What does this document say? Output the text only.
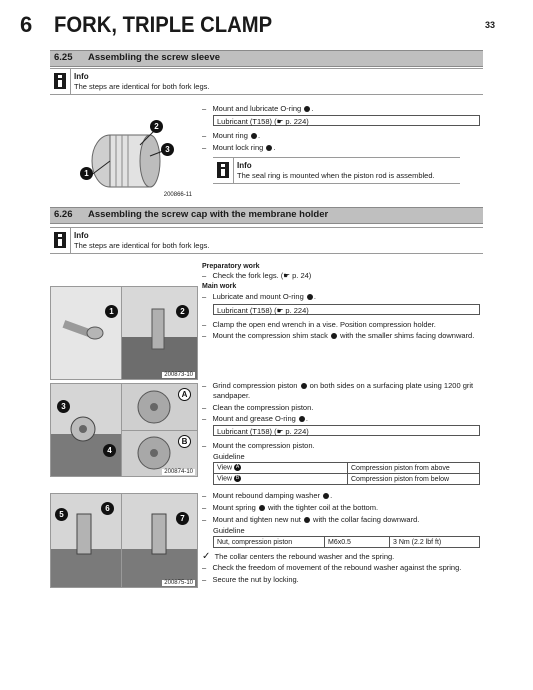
6 FORK, TRIPLE CLAMP	33
6.25 Assembling the screw sleeve
Info
The steps are identical for both fork legs.
1
2
3
200866-11
–   Mount and lubricate O-ring .
Lubricant (T158) (☛ p. 224)
–   Mount ring .
–   Mount lock ring .
Info
The seal ring is mounted when the piston rod is assembled.
6.26 Assembling the screw cap with the membrane holder
Info
The steps are identical for both fork legs.
Preparatory work
–   Check the fork legs. (☛ p. 24)
Main work
–   Lubricate and mount O-ring .
Lubricant (T158) (☛ p. 224)
–   Clamp the open end wrench in a vise. Position compression holder.
–   Mount the compression shim stack with the smaller shims facing downward.
1	2
200873-10
3
4
A
B
200874-10
–   Grind compression piston on both sides on a surfacing plate using 1200 grit
sandpaper.
–   Clean the compression piston.
–   Mount and grease O-ring .
Lubricant (T158) (☛ p. 224)
–   Mount the compression piston.
Guideline
View A	Compression piston from above
View B	Compression piston from below
5
6
7
200875-10
–   Mount rebound damping washer .
–   Mount spring with the tighter coil at the bottom.
–   Mount and tighten new nut with the collar facing downward.
Guideline
Nut, compression piston	M6x0.5	3 Nm (2.2 lbf ft)
✓ The collar centers the rebound washer and the spring.
–   Check the freedom of movement of the rebound washer against the spring.
–   Secure the nut by locking.
